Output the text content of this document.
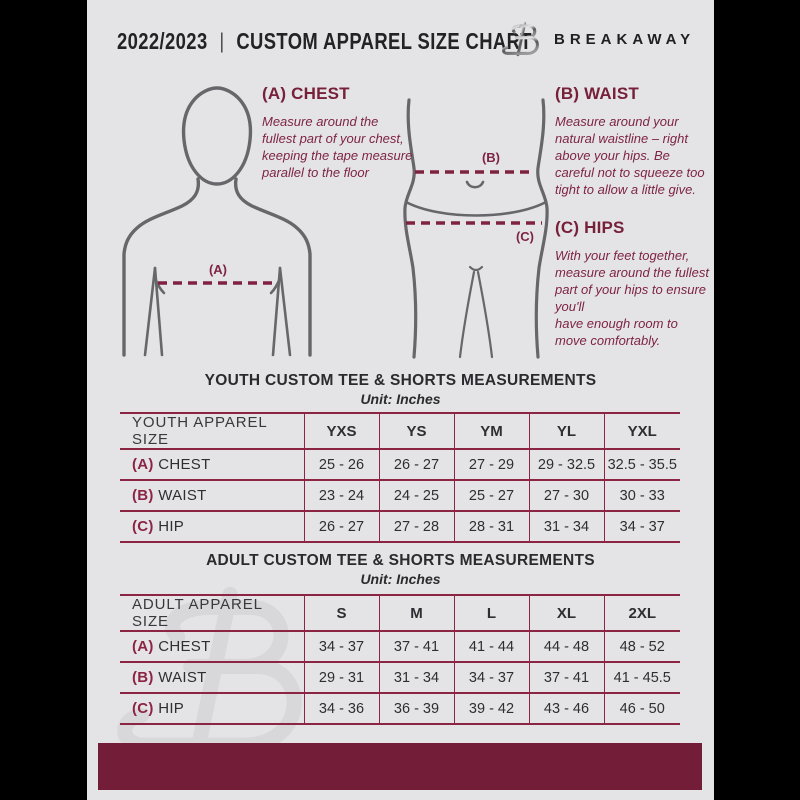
2022/2023 | CUSTOM APPAREL SIZE CHART BREAKAWAY
(A)
(B)
(C)
(A) CHEST

Measure around the fullest part of your chest, keeping the tape measure parallel to the floor

(B) WAIST

Measure around your natural waistline – right above your hips. Be careful not to squeeze too tight to allow a little give.

(C) HIPS

With your feet together, measure around the fullest part of your hips to ensure you'll
have enough room to move comfortably.

YOUTH CUSTOM TEE & SHORTS MEASUREMENTS
Unit: Inches
YOUTH APPAREL SIZE	YXS	YS	YM	YL	YXL
(A) CHEST	25 - 26	26 - 27	27 - 29	29 - 32.5	32.5 - 35.5
(B) WAIST	23 - 24	24 - 25	25 - 27	27 - 30	30 - 33
(C) HIP	26 - 27	27 - 28	28 - 31	31 - 34	34 - 37
ADULT CUSTOM TEE & SHORTS MEASUREMENTS
Unit: Inches
ADULT APPAREL SIZE	S	M	L	XL	2XL
(A) CHEST	34 - 37	37 - 41	41 - 44	44 - 48	48 - 52
(B) WAIST	29 - 31	31 - 34	34 - 37	37 - 41	41 - 45.5
(C) HIP	34 - 36	36 - 39	39 - 42	43 - 46	46 - 50
